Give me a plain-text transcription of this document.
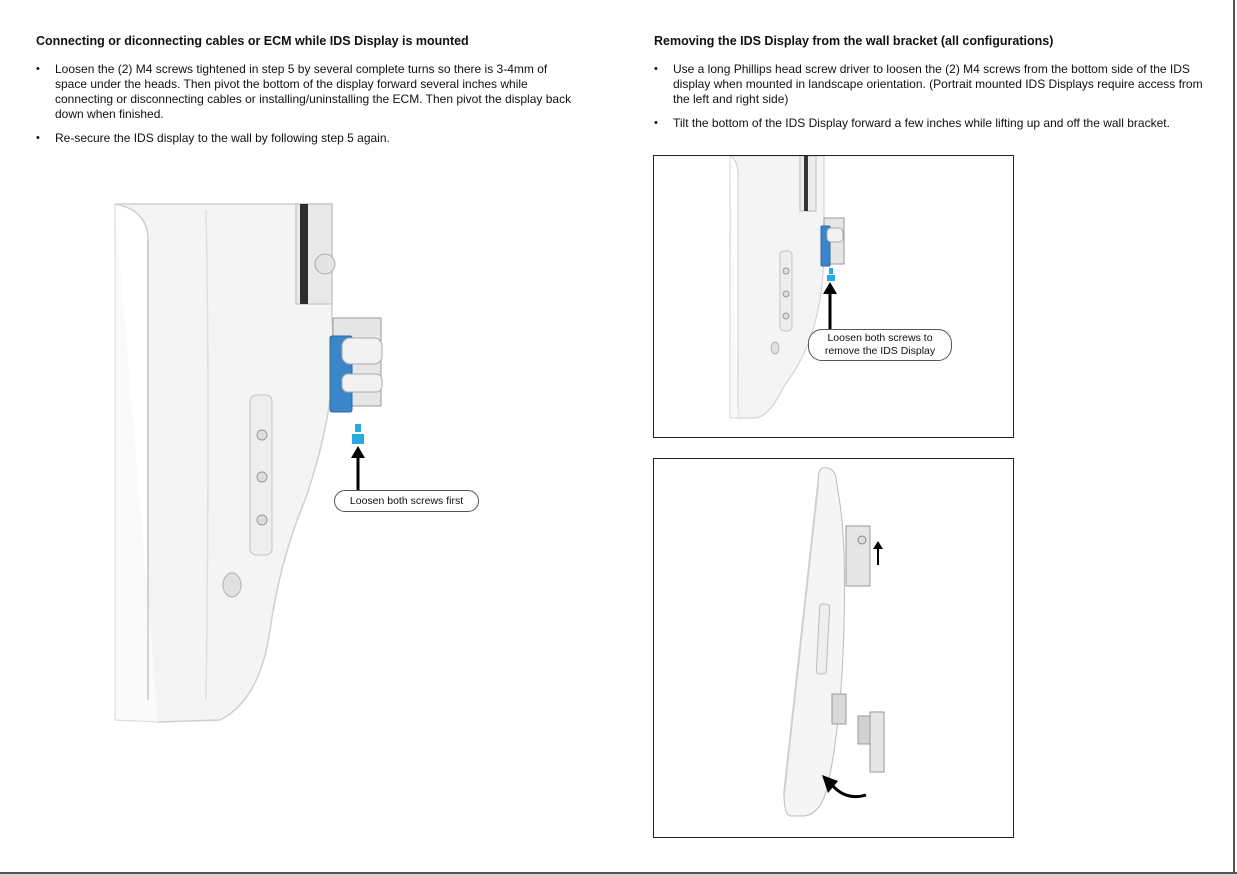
Connecting or diconnecting cables or ECM while IDS Display is mounted
• Loosen the (2) M4 screws tightened in step 5 by several complete turns so there is 3-4mm of space under the heads. Then pivot the bottom of the display forward several inches while connecting or disconnecting cables or installing/uninstalling the ECM. Then pivot the display back down when finished.
• Re-secure the IDS display to the wall by following step 5 again.
Loosen both screws first
Removing the IDS Display from the wall bracket (all configurations)
• Use a long Phillips head screw driver to loosen the (2) M4 screws from the bottom side of the IDS display when mounted in landscape orientation. (Portrait mounted IDS Displays require access from the left and right side)
• Tilt the bottom of the IDS Display forward a few inches while lifting up and off the wall bracket.
Loosen both screws to
remove the IDS Display
